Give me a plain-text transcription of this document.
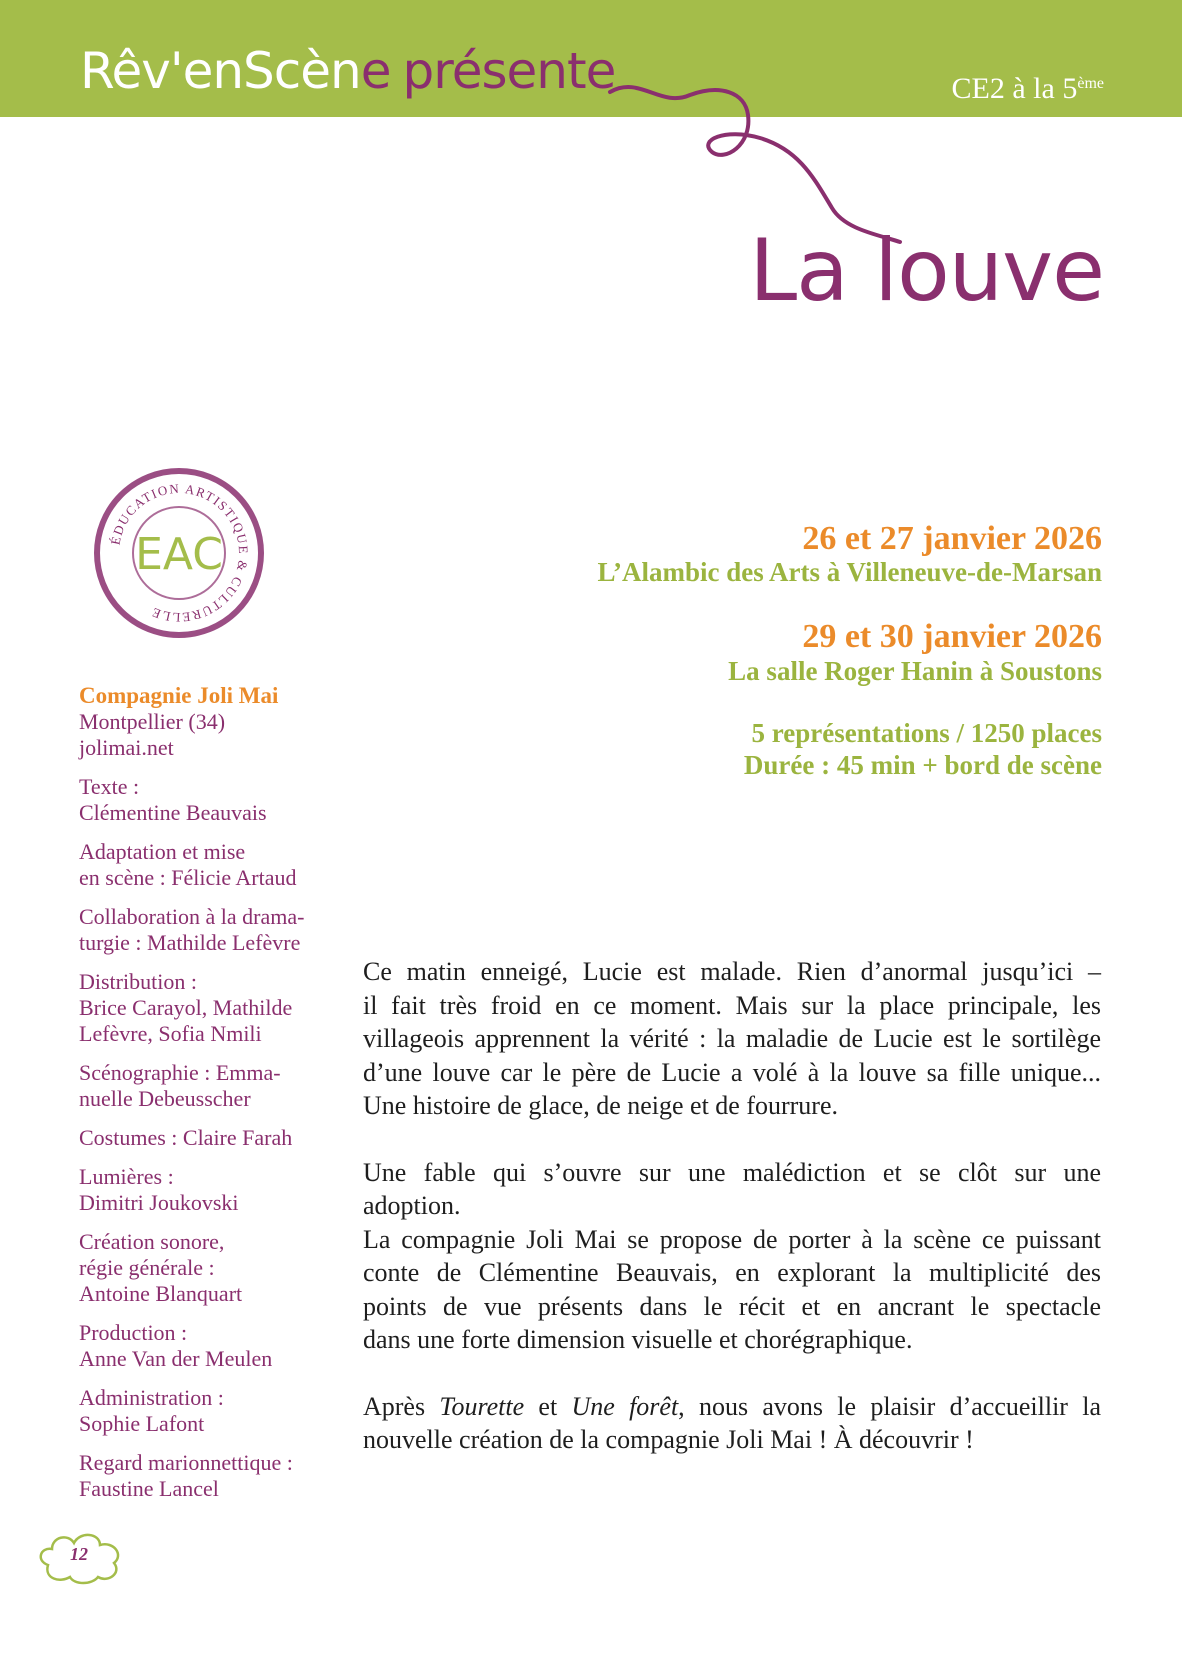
Rêv'enScène présente	CE2 à la 5ème
La louve
ÉDUCATION ARTISTIQUE & CULTURELLE
EAC	26 et 27 janvier 2026
L’Alambic des Arts à Villeneuve-de-Marsan
29 et 30 janvier 2026
La salle Roger Hanin à Soustons
5 représentations / 1250 places
Durée : 45 min + bord de scène
Compagnie Joli Mai
Montpellier (34)
jolimai.net
Texte :
Clémentine Beauvais
Adaptation et mise
en scène : Félicie Artaud
Collaboration à la drama-
turgie : Mathilde Lefèvre
Distribution :
Brice Carayol, Mathilde
Lefèvre, Sofia Nmili
Scénographie : Emma-
nuelle Debeusscher
Costumes : Claire Farah
Lumières :
Dimitri Joukovski
Création sonore,
régie générale :
Antoine Blanquart
Production :
Anne Van der Meulen
Administration :
Sophie Lafont
Regard marionnettique :
Faustine Lancel
Ce matin enneigé, Lucie est malade. Rien d’anormal jusqu’ici –
il fait très froid en ce moment. Mais sur la place principale, les
villageois apprennent la vérité : la maladie de Lucie est le sortilège
d’une louve car le père de Lucie a volé à la louve sa fille unique...
Une histoire de glace, de neige et de fourrure.
Une fable qui s’ouvre sur une malédiction et se clôt sur une
adoption.
La compagnie Joli Mai se propose de porter à la scène ce puissant
conte de Clémentine Beauvais, en explorant la multiplicité des
points de vue présents dans le récit et en ancrant le spectacle
dans une forte dimension visuelle et chorégraphique.
Après Tourette et Une forêt, nous avons le plaisir d’accueillir la
nouvelle création de la compagnie Joli Mai ! À découvrir !
12
